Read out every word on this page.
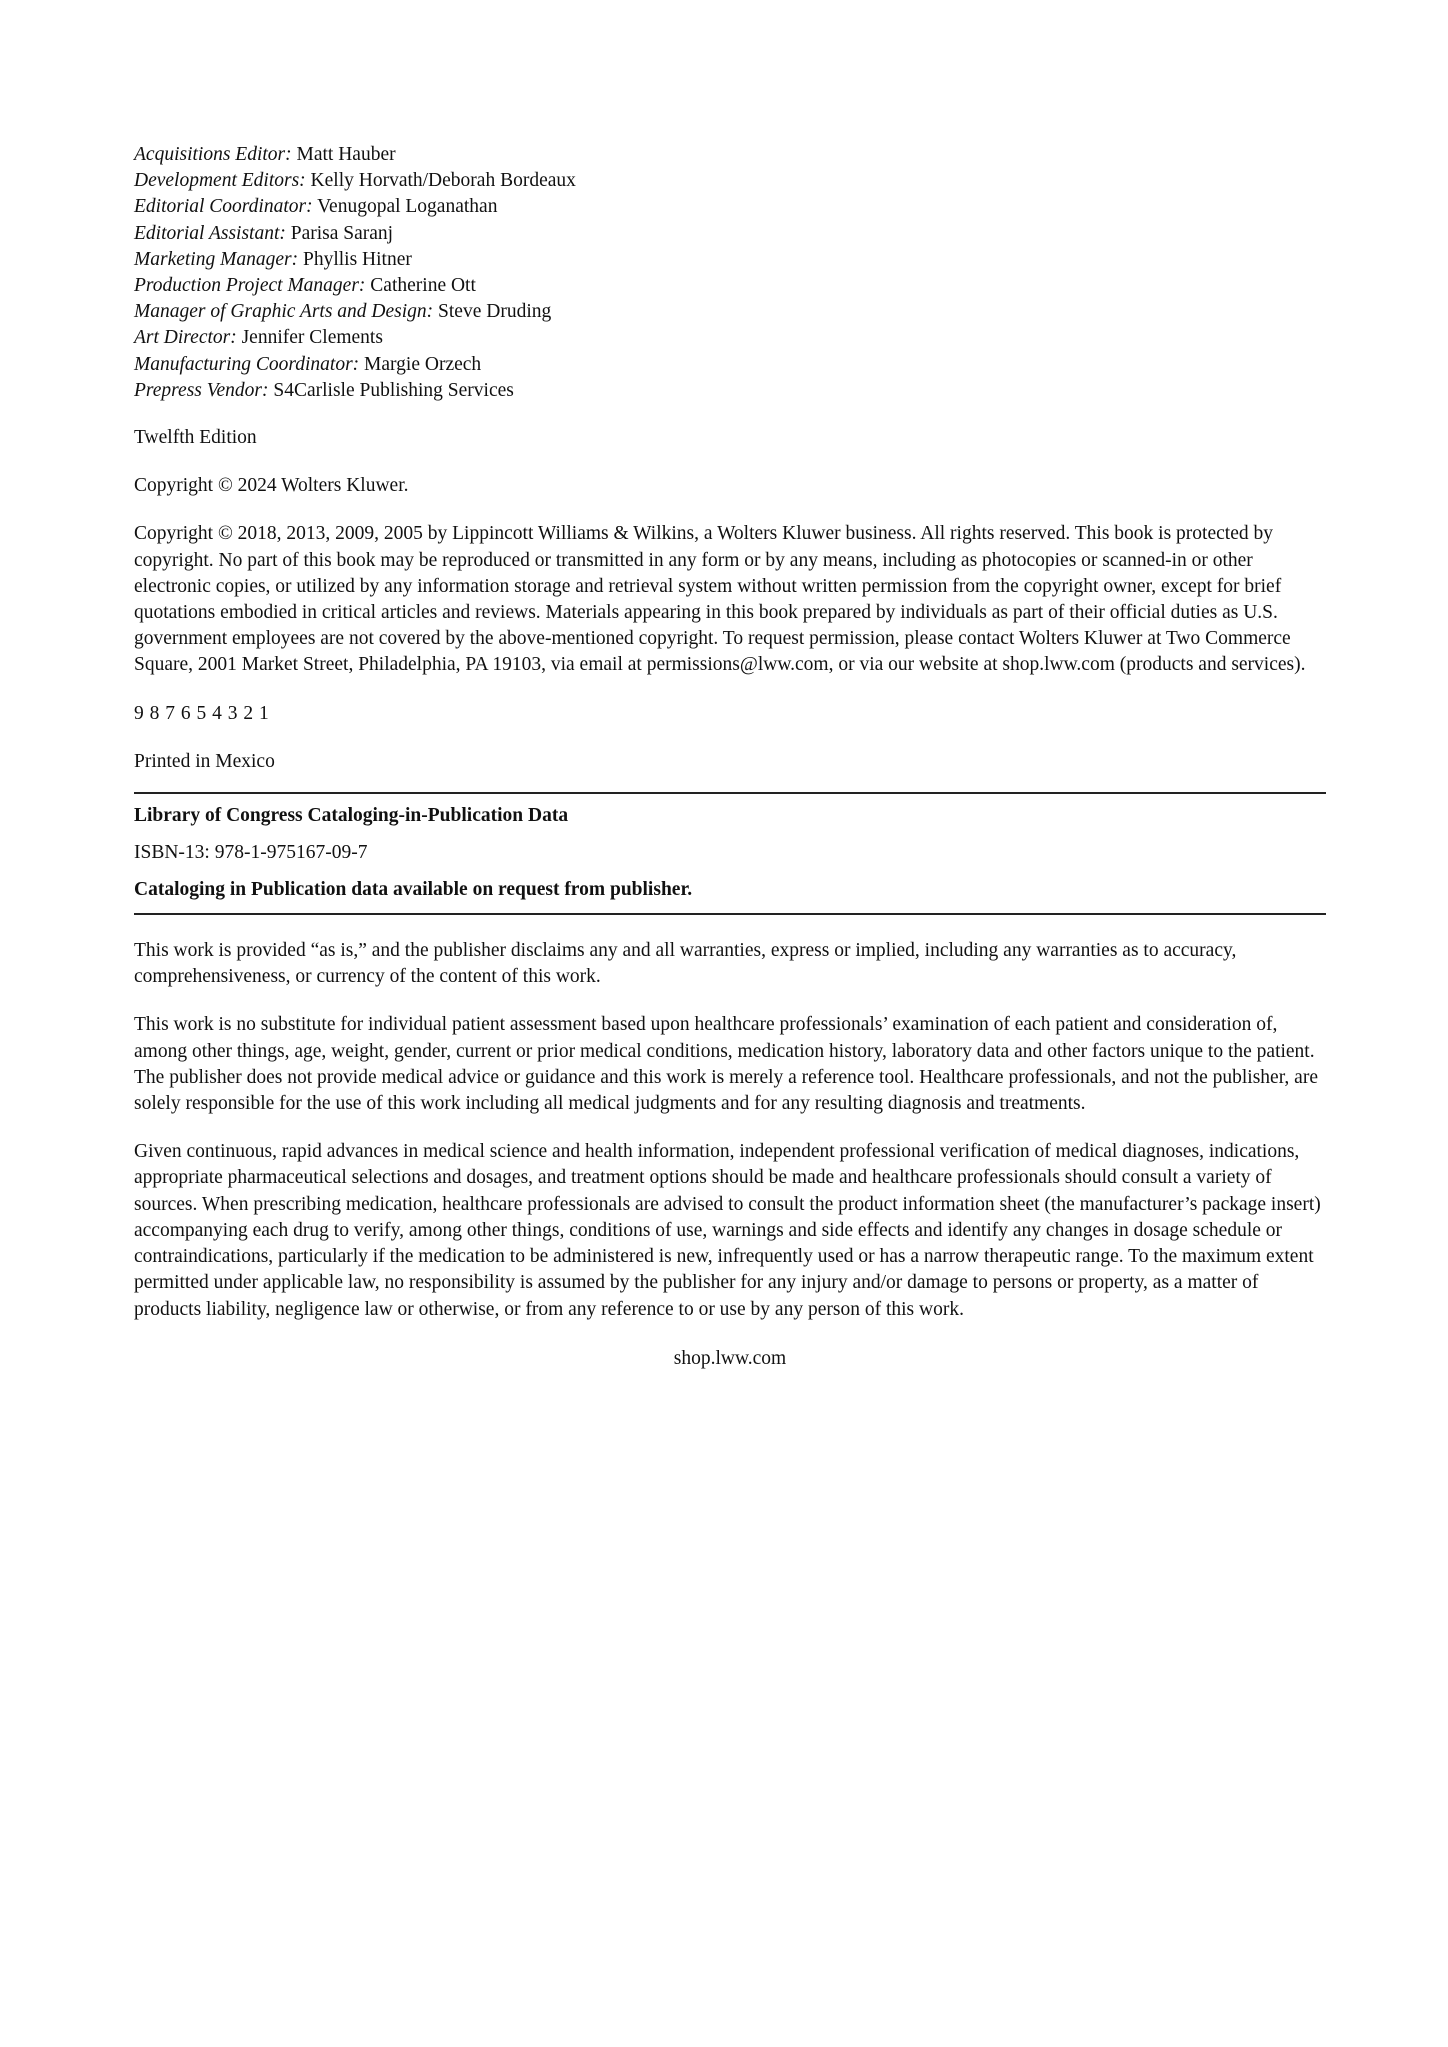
Acquisitions Editor: Matt Hauber
Development Editors: Kelly Horvath/Deborah Bordeaux
Editorial Coordinator: Venugopal Loganathan
Editorial Assistant: Parisa Saranj
Marketing Manager: Phyllis Hitner
Production Project Manager: Catherine Ott
Manager of Graphic Arts and Design: Steve Druding
Art Director: Jennifer Clements
Manufacturing Coordinator: Margie Orzech
Prepress Vendor: S4Carlisle Publishing Services

Twelfth Edition

Copyright © 2024 Wolters Kluwer.

Copyright © 2018, 2013, 2009, 2005 by Lippincott Williams & Wilkins, a Wolters Kluwer business. All rights reserved. This book is protected by copyright. No part of this book may be reproduced or transmitted in any form or by any means, including as photocopies or scanned-in or other electronic copies, or utilized by any information storage and retrieval system without written permission from the copyright owner, except for brief quotations embodied in critical articles and reviews. Materials appearing in this book prepared by individuals as part of their official duties as U.S. government employees are not covered by the above-mentioned copyright. To request permission, please contact Wolters Kluwer at Two Commerce Square, 2001 Market Street, Philadelphia, PA 19103, via email at permissions@lww.com, or via our website at shop.lww.com (products and services).

9 8 7 6 5 4 3 2 1

Printed in Mexico

Library of Congress Cataloging-in-Publication Data

ISBN-13: 978-1-975167-09-7

Cataloging in Publication data available on request from publisher.

This work is provided “as is,” and the publisher disclaims any and all warranties, express or implied, including any warranties as to accuracy, comprehensiveness, or currency of the content of this work.

This work is no substitute for individual patient assessment based upon healthcare professionals’ examination of each patient and consideration of, among other things, age, weight, gender, current or prior medical conditions, medication history, laboratory data and other factors unique to the patient. The publisher does not provide medical advice or guidance and this work is merely a reference tool. Healthcare professionals, and not the publisher, are solely responsible for the use of this work including all medical judgments and for any resulting diagnosis and treatments.

Given continuous, rapid advances in medical science and health information, independent professional verification of medical diagnoses, indications, appropriate pharmaceutical selections and dosages, and treatment options should be made and healthcare professionals should consult a variety of sources. When prescribing medication, healthcare professionals are advised to consult the product information sheet (the manufacturer’s package insert) accompanying each drug to verify, among other things, conditions of use, warnings and side effects and identify any changes in dosage schedule or contraindications, particularly if the medication to be administered is new, infrequently used or has a narrow therapeutic range. To the maximum extent permitted under applicable law, no responsibility is assumed by the publisher for any injury and/or damage to persons or property, as a matter of products liability, negligence law or otherwise, or from any reference to or use by any person of this work.

shop.lww.com
